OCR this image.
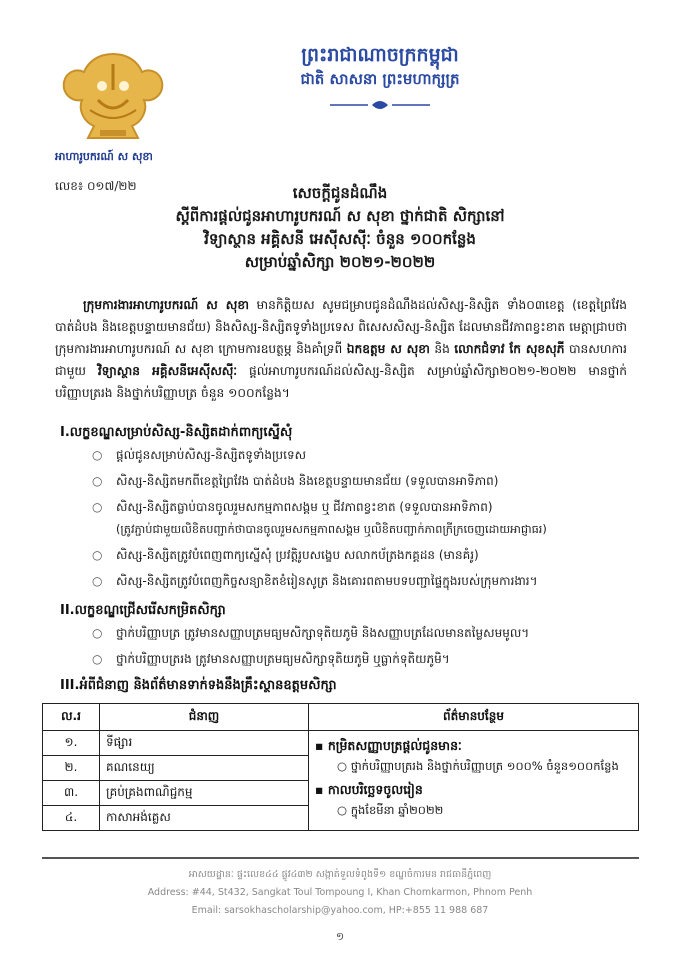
អាហារូបករណ៍ ស សុខា
លេខ៖ ០១៧/២២
ព្រះរាជាណាចក្រកម្ពុជា
ជាតិ សាសនា ព្រះមហាក្សត្រ
សេចក្តីជូនដំណឹង
ស្តីពីការផ្តល់ជូនអាហារូបករណ៍ ស សុខា ថ្នាក់ជាតិ សិក្សានៅ
វិទ្យាស្ថាន អគ្គិសនី អេស៊ីសស៊ីៈ ចំនួន ១០០កន្លែង
សម្រាប់ឆ្នាំសិក្សា ២០២១-២០២២
ក្រុមការងារអាហារូបករណ៍ ស សុខា មានកិត្តិយស សូមជម្រាបជូនដំណឹងដល់សិស្ស-និស្សិត ទាំង០៣ខេត្ត (ខេត្តព្រៃវែង បាត់ដំបង និងខេត្តបន្ទាយមានជ័យ) និងសិស្ស-និស្សិតទូទាំងប្រទេស ពិសេសសិស្ស-និស្សិត ដែលមានជីវភាពខ្វះខាត មេត្តាជ្រាបថា ក្រុមការងារអាហារូបករណ៍ ស សុខា ក្រោមការឧបត្ថម្ភ និងគាំទ្រពី ឯកឧត្តម ស សុខា និង លោកជំទាវ កែ សុខសុភី បានសហការជាមួយ វិទ្យាស្ថាន អគ្គិសនីអេស៊ីសស៊ីៈ ផ្តល់អាហារូបករណ៍ដល់សិស្ស-និស្សិត សម្រាប់ឆ្នាំសិក្សា២០២១-២០២២ មានថ្នាក់បរិញ្ញាបត្ររង និងថ្នាក់បរិញ្ញាបត្រ ចំនួន ១០០កន្លែង។
I.លក្ខខណ្ឌសម្រាប់សិស្ស-និស្សិតដាក់ពាក្យស្នើសុំ
○ ផ្តល់ជូនសម្រាប់សិស្ស-និស្សិតទូទាំងប្រទេស
○ សិស្ស-និស្សិតមកពីខេត្តព្រៃវែង បាត់ដំបង និងខេត្តបន្ទាយមានជ័យ (ទទួលបានអាទិភាព)
○ សិស្ស-និស្សិតធ្លាប់បានចូលរួមសកម្មភាពសង្គម ឬ ជីវភាពខ្វះខាត (ទទួលបានអាទិភាព)
(ត្រូវភ្ជាប់ជាមួយលិខិតបញ្ជាក់ថាបានចូលរួមសកម្មភាពសង្គម ឬលិខិតបញ្ជាក់ភាពក្រីក្រចេញដោយអាជ្ញាធរ)
○ សិស្ស-និស្សិតត្រូវបំពេញពាក្យស្នើសុំ ប្រវត្តិរូបសង្ខេប សលាកប័ត្រងកគ្គដន (មានគំរូ)
○ សិស្ស-និស្សិតត្រូវបំពេញកិច្ចសន្យាខិតខំរៀនសូត្រ និងគោរពតាមបទបញ្ជាផ្ទៃក្នុងរបស់ក្រុមការងារ។
II.លក្ខខណ្ឌជ្រើសរើសកម្រិតសិក្សា
○ ថ្នាក់បរិញ្ញាបត្រ ត្រូវមានសញ្ញាបត្រមធ្យមសិក្សាទុតិយភូមិ និងសញ្ញាបត្រដែលមានតម្លៃសមមូល។
○ ថ្នាក់បរិញ្ញាបត្ររង ត្រូវមានសញ្ញាបត្រមធ្យមសិក្សាទុតិយភូមិ ឬធ្លាក់ទុតិយភូមិ។
III.អំពីជំនាញ និងព័ត៌មានទាក់ទងនឹងគ្រឹះស្ថានឧត្តមសិក្សា
ល.រ	ជំនាញ	ព័ត៌មានបន្ថែម
១.	ទីផ្សារ	▪ កម្រិតសញ្ញាបត្រផ្តល់ជូនមានៈ
○ ថ្នាក់បរិញ្ញាបត្ររង និងថ្នាក់បរិញ្ញាបត្រ ១០០% ចំនួន១០០កន្លែង
▪ កាលបរិច្ឆេទចូលរៀន
○ ក្នុងខែមីនា ឆ្នាំ២០២២

២.	គណនេយ្យ	
៣.	គ្រប់គ្រងពាណិជ្ជកម្ម	
៤.	កាសាអង់គ្លេស	
អាសយដ្ឋានៈ ផ្ទះលេខ៤៤ ផ្លូវ៤៣២ សង្កាត់ទួលទំពូងទី១ ខណ្ឌចំការមន រាជធានីភ្នំពេញ
Address: #44, St432, Sangkat Toul Tompoung I, Khan Chomkarmon, Phnom Penh
Email: sarsokhascholarship@yahoo.com, HP:+855 11 988 687
១
